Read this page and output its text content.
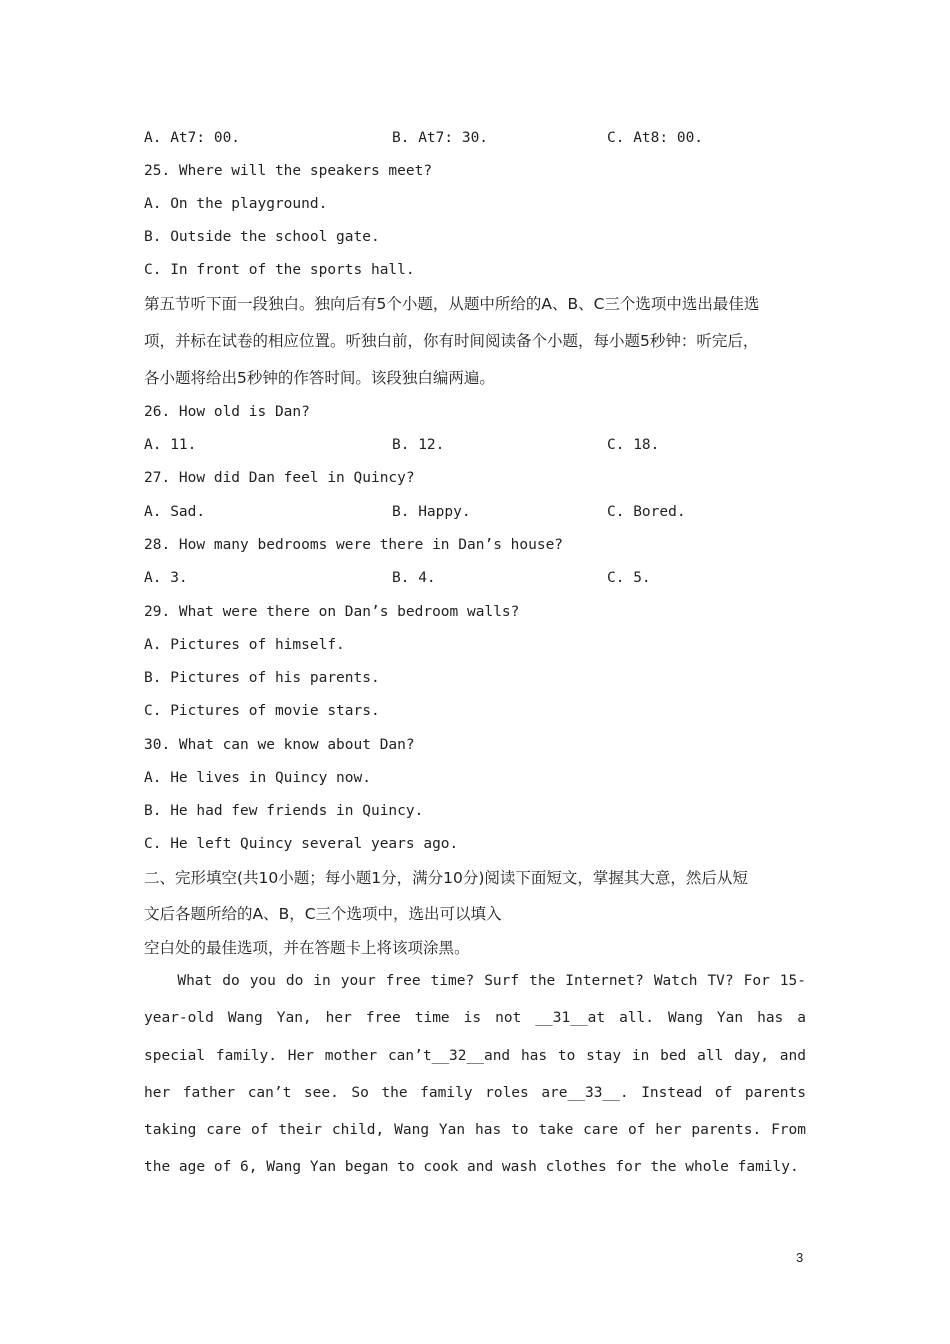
A. At7: 00.	B. At7: 30.	C. At8: 00.
25. Where will the speakers meet?
A. On the playground.
B. Outside the school gate.
C. In front of the sports hall.
第五节听下面一段独白。独向后有5个小题，从题中所给的A、B、C三个选项中选出最佳选
项，并标在试卷的相应位置。听独白前，你有时间阅读备个小题，每小题5秒钟：听完后，
各小题将给出5秒钟的作答时间。该段独白编两遍。
26. How old is Dan?
A. 11.	B. 12.	C. 18.
27. How did Dan feel in Quincy?
A. Sad.	B. Happy.	C. Bored.
28. How many bedrooms were there in Dan’s house?
A. 3.	B. 4.	C. 5.
29. What were there on Dan’s bedroom walls?
A. Pictures of himself.
B. Pictures of his parents.
C. Pictures of movie stars.
30. What can we know about Dan?
A. He lives in Quincy now.
B. He had few friends in Quincy.
C. He left Quincy several years ago.
二、完形填空(共10小题；每小题1分，满分10分)阅读下面短文，掌握其大意，然后从短
文后各题所给的A、B，C三个选项中，选出可以填入
空白处的最佳选项，并在答题卡上将该项涂黑。

What do you do in your free time? Surf the Internet? Watch TV? For 15-year-old Wang Yan, her free time is not __31__at all. Wang Yan has a special family. Her mother can’t__32__and has to stay in bed all day, and her father can’t see. So the family roles are__33__. Instead of parents taking care of their child, Wang Yan has to take care of her parents. From the age of 6, Wang Yan began to cook and wash clothes for the whole family.

3
